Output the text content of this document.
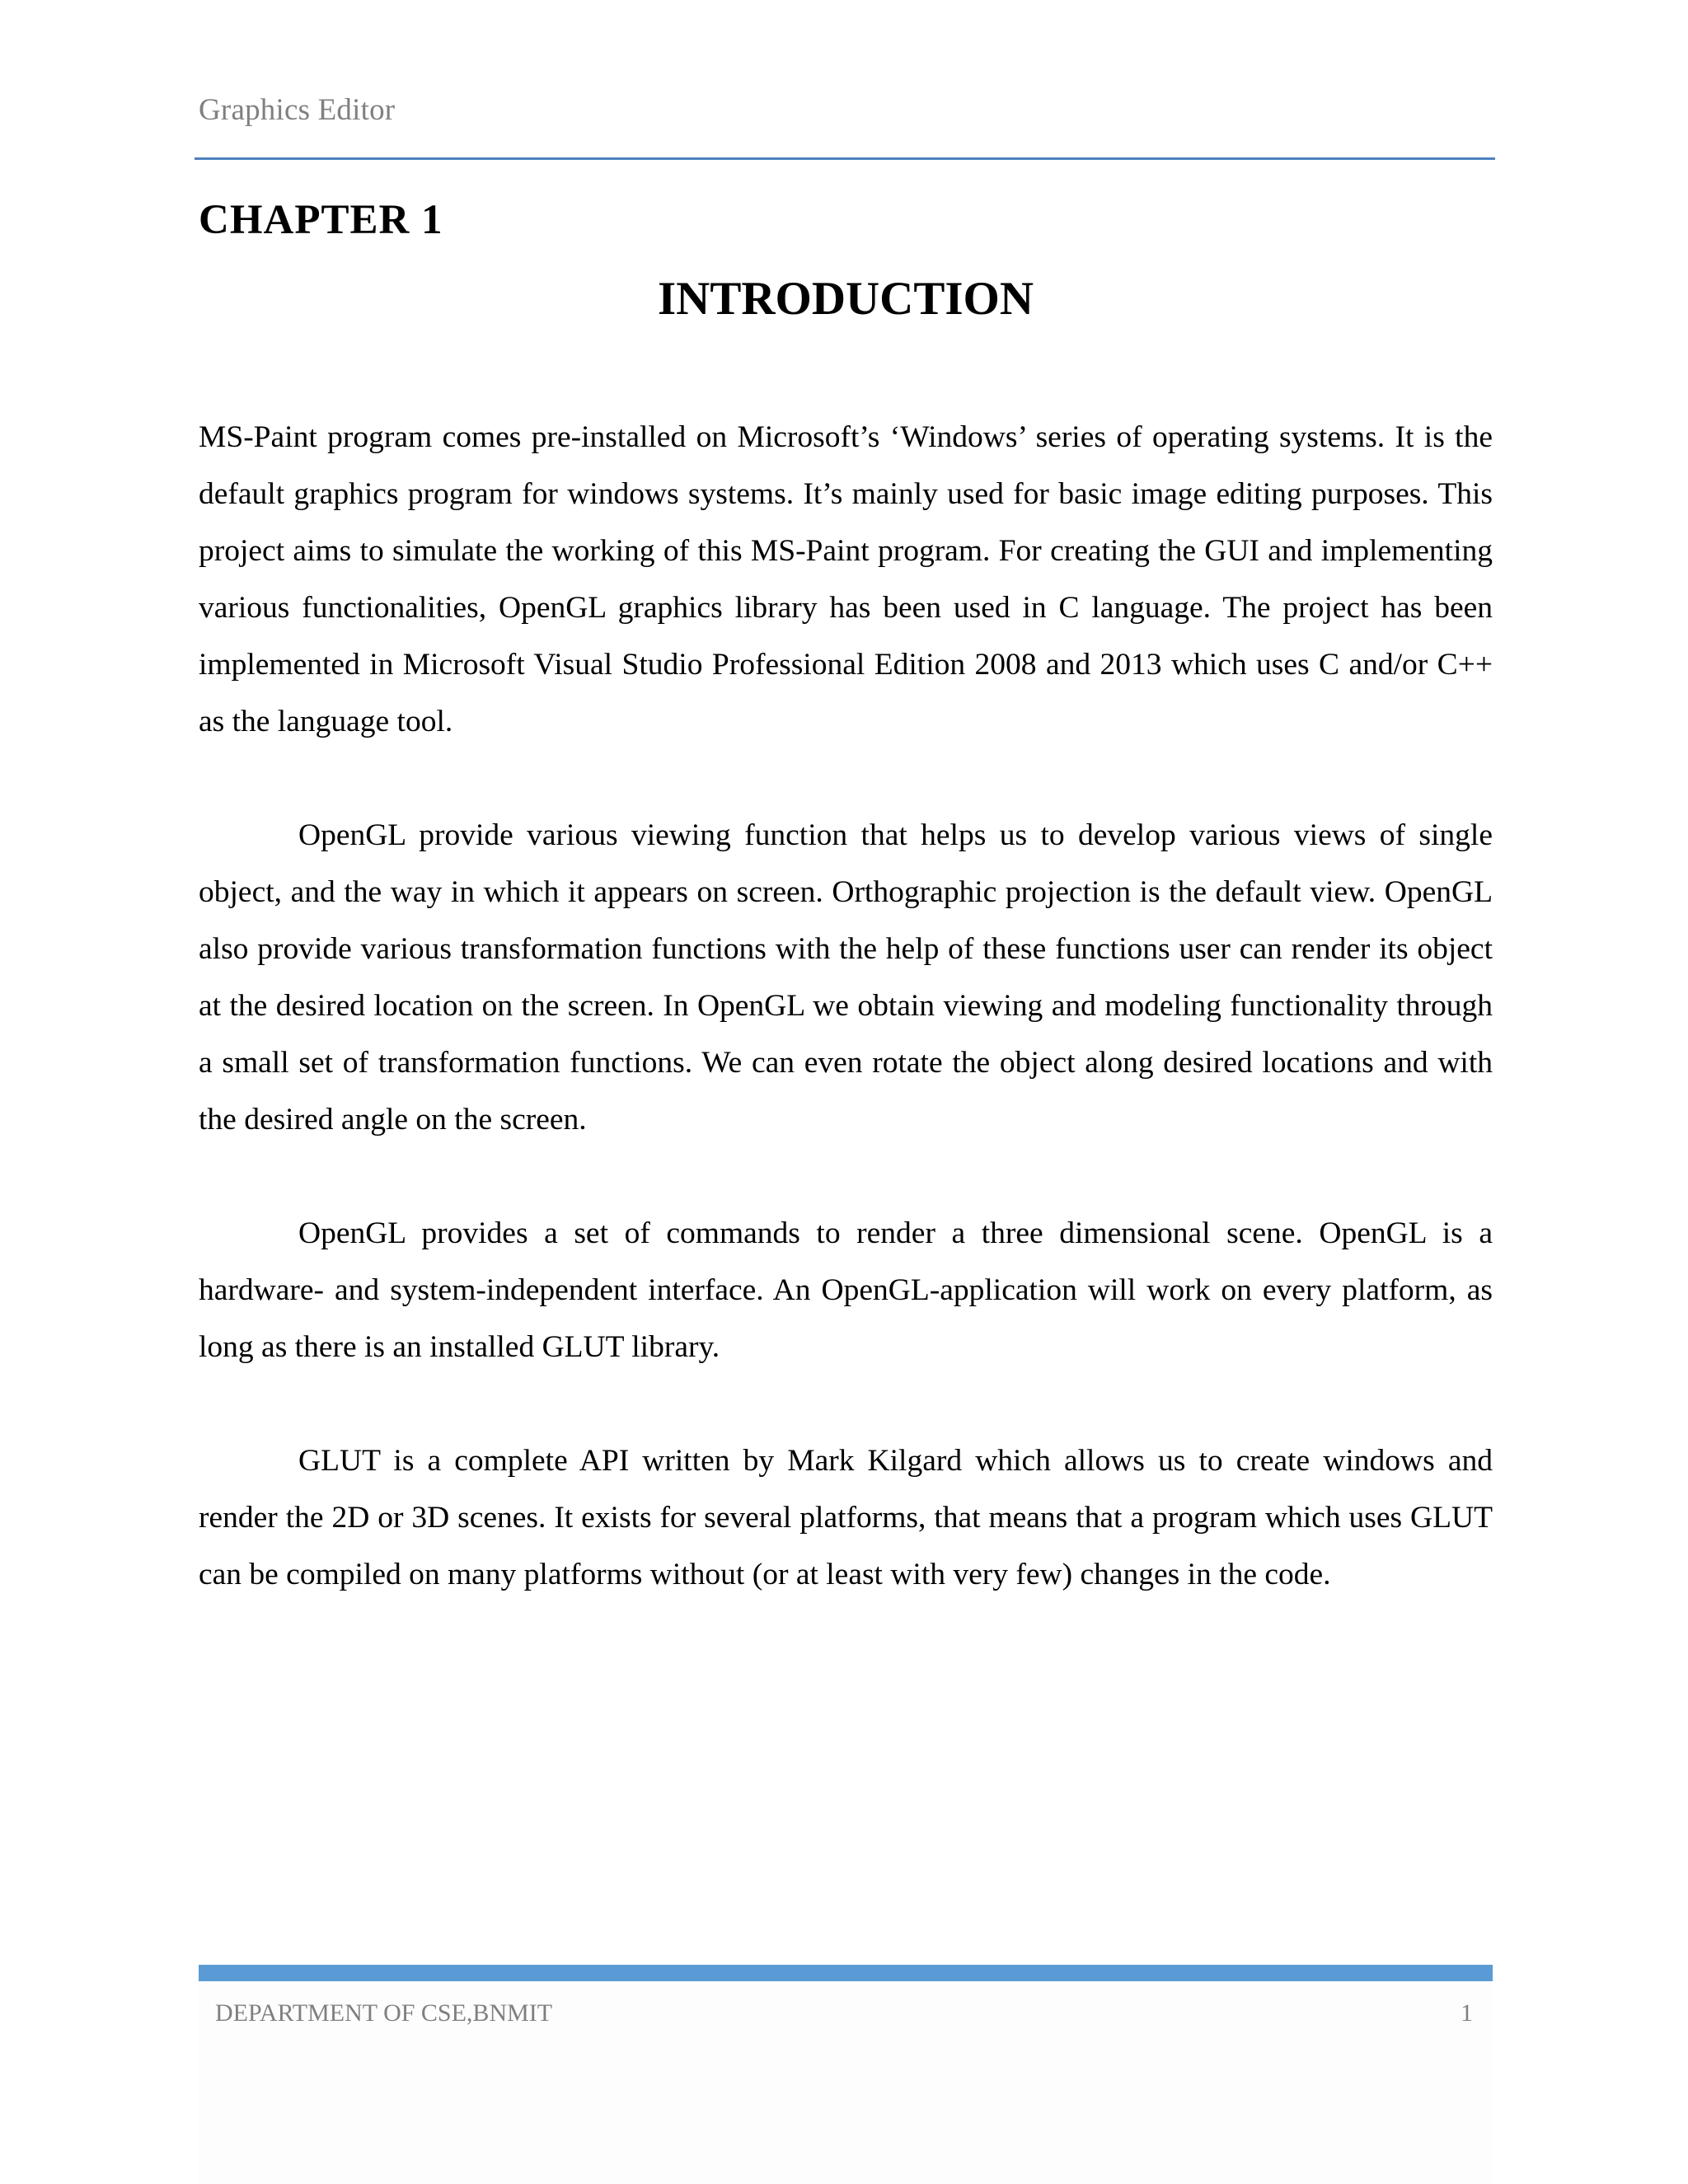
Graphics Editor
CHAPTER 1
INTRODUCTION

MS-Paint program comes pre-installed on Microsoft’s ‘Windows’ series of operating systems. It is the default graphics program for windows systems. It’s mainly used for basic image editing purposes. This project aims to simulate the working of this MS-Paint program. For creating the GUI and implementing various functionalities, OpenGL graphics library has been used in C language. The project has been implemented in Microsoft Visual Studio Professional Edition 2008 and 2013 which uses C and/or C++ as the language tool.

OpenGL provide various viewing function that helps us to develop various views of single object, and the way in which it appears on screen. Orthographic projection is the default view. OpenGL also provide various transformation functions with the help of these functions user can render its object at the desired location on the screen. In OpenGL we obtain viewing and modeling functionality through a small set of transformation functions. We can even rotate the object along desired locations and with the desired angle on the screen.

OpenGL provides a set of commands to render a three dimensional scene. OpenGL is a hardware- and system-independent interface. An OpenGL-application will work on every platform, as long as there is an installed GLUT library.

GLUT is a complete API written by Mark Kilgard which allows us to create windows and render the 2D or 3D scenes. It exists for several platforms, that means that a program which uses GLUT can be compiled on many platforms without (or at least with very few) changes in the code.

DEPARTMENT OF CSE,BNMIT	1
